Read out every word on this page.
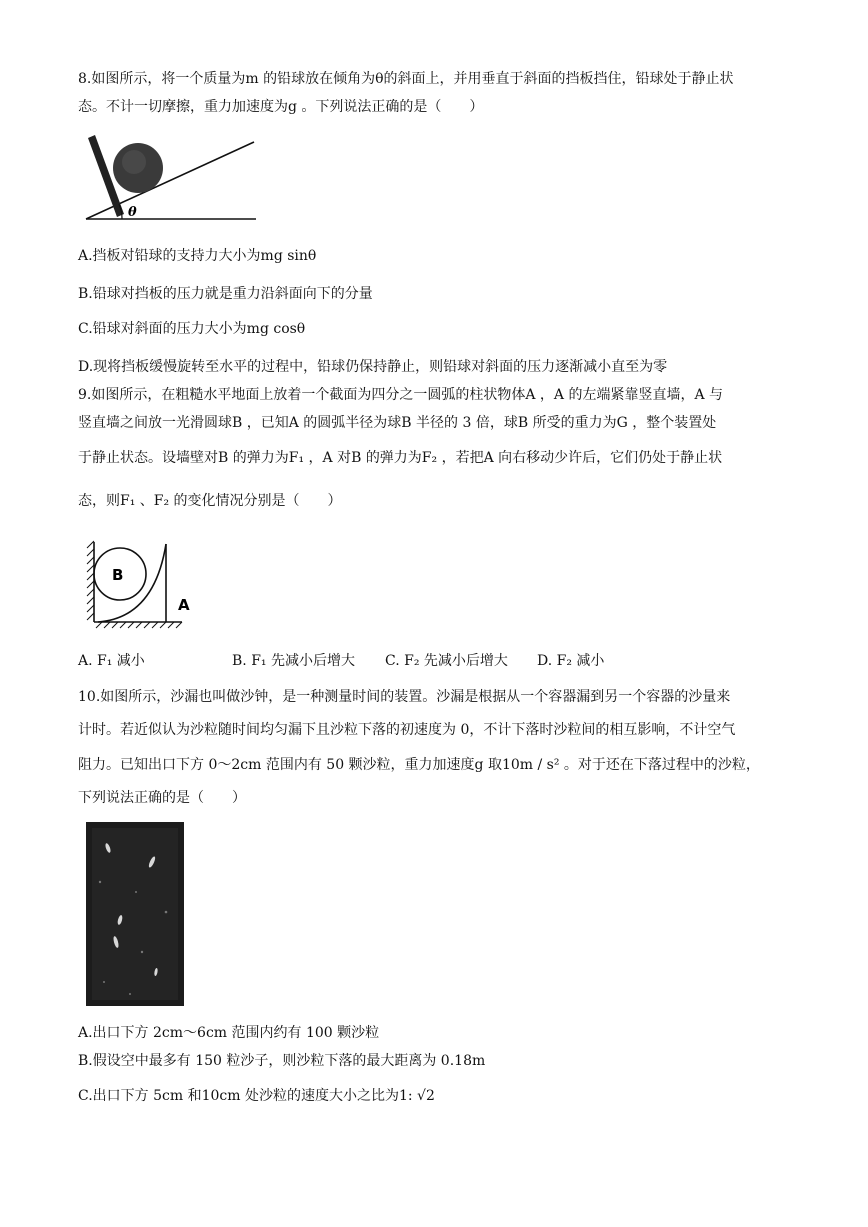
8.如图所示，将一个质量为m 的铅球放在倾角为θ的斜面上，并用垂直于斜面的挡板挡住，铅球处于静止状
态。不计一切摩擦，重力加速度为g 。下列说法正确的是（　　）
θ
A.挡板对铅球的支持力大小为mg sinθ
B.铅球对挡板的压力就是重力沿斜面向下的分量
C.铅球对斜面的压力大小为mg cosθ
D.现将挡板缓慢旋转至水平的过程中，铅球仍保持静止，则铅球对斜面的压力逐渐减小直至为零
9.如图所示，在粗糙水平地面上放着一个截面为四分之一圆弧的柱状物体A ，A 的左端紧靠竖直墙，A 与
竖直墙之间放一光滑圆球B ，已知A 的圆弧半径为球B 半径的 3 倍，球B 所受的重力为G ，整个装置处
于静止状态。设墙壁对B 的弹力为F₁ ，A 对B 的弹力为F₂ ，若把A 向右移动少许后，它们仍处于静止状
态，则F₁ 、F₂ 的变化情况分别是（　　）
B
A
A. F₁ 减小	B. F₁ 先减小后增大 C. F₂ 先减小后增大 D. F₂ 减小
10.如图所示，沙漏也叫做沙钟，是一种测量时间的装置。沙漏是根据从一个容器漏到另一个容器的沙量来
计时。若近似认为沙粒随时间均匀漏下且沙粒下落的初速度为 0，不计下落时沙粒间的相互影响，不计空气
阻力。已知出口下方 0～2cm 范围内有 50 颗沙粒，重力加速度g 取10m / s² 。对于还在下落过程中的沙粒，
下列说法正确的是（　　）
A.出口下方 2cm～6cm 范围内约有 100 颗沙粒
B.假设空中最多有 150 粒沙子，则沙粒下落的最大距离为 0.18m
C.出口下方 5cm 和10cm 处沙粒的速度大小之比为1: √2
